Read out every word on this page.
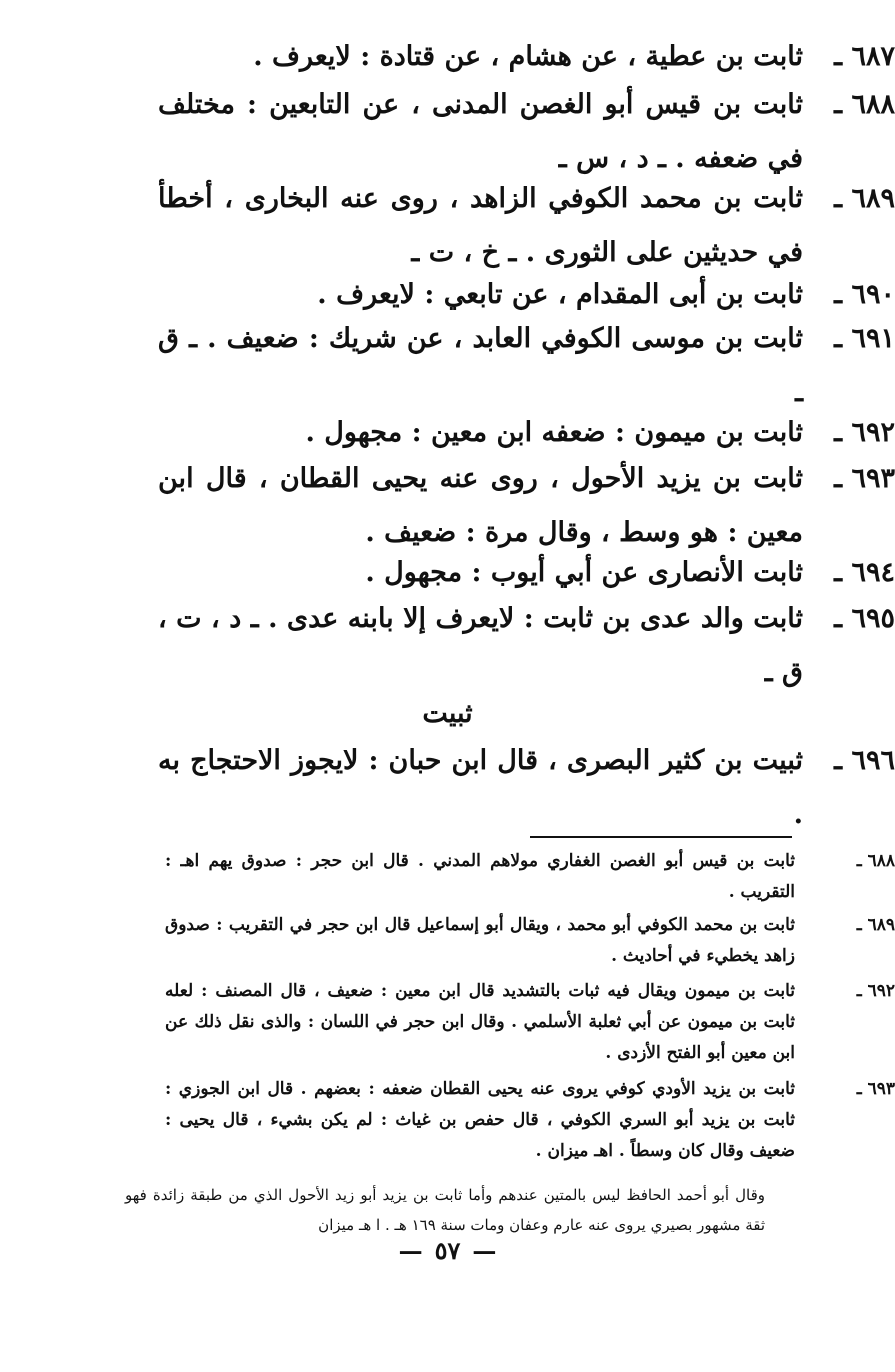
٦٨٧ ـ
ثابت بن عطية ، عن هشام ، عن قتادة : لايعرف .
٦٨٨ ـ
ثابت بن قيس أبو الغصن المدنى ، عن التابعين : مختلف في ضعفه . ـ د ، س ـ
٦٨٩ ـ
ثابت بن محمد الكوفي الزاهد ، روى عنه البخارى ، أخطأ في حديثين على الثورى . ـ خ ، ت ـ
٦٩٠ ـ
ثابت بن أبى المقدام ، عن تابعي : لايعرف .
٦٩١ ـ
ثابت بن موسى الكوفي العابد ، عن شريك : ضعيف . ـ ق ـ
٦٩٢ ـ
ثابت بن ميمون : ضعفه ابن معين : مجهول .
٦٩٣ ـ
ثابت بن يزيد الأحول ، روى عنه يحيى القطان ، قال ابن معين : هو وسط ، وقال مرة : ضعيف .
٦٩٤ ـ
ثابت الأنصارى عن أبي أيوب : مجهول .
٦٩٥ ـ
ثابت والد عدى بن ثابت : لايعرف إلا بابنه عدى . ـ د ، ت ، ق ـ
ثبيت
٦٩٦ ـ
ثبيت بن كثير البصرى ، قال ابن حبان : لايجوز الاحتجاج به .
٦٨٨ ـ
ثابت بن قيس أبو الغصن الغفاري مولاهم المدني . قال ابن حجر : صدوق يهم اهـ : التقريب .
٦٨٩ ـ
ثابت بن محمد الكوفي أبو محمد ، ويقال أبو إسماعيل قال ابن حجر في التقريب : صدوق زاهد يخطيء في أحاديث .
٦٩٢ ـ
ثابت بن ميمون ويقال فيه ثبات بالتشديد قال ابن معين : ضعيف ، قال المصنف : لعله ثابت بن ميمون عن أبي ثعلبة الأسلمي . وقال ابن حجر في اللسان : والذى نقل ذلك عن ابن معين أبو الفتح الأزدى .
٦٩٣ ـ
ثابت بن يزيد الأودي كوفي يروى عنه يحيى القطان ضعفه : بعضهم . قال ابن الجوزي : ثابت بن يزيد أبو السري الكوفي ، قال حفص بن غياث : لم يكن بشيء ، قال يحيى : ضعيف وقال كان وسطاً . اهـ ميزان .
وقال أبو أحمد الحافظ ليس بالمتين عندهم وأما ثابت بن يزيد أبو زيد الأحول الذي من طبقة زائدة فهو ثقة مشهور بصيري يروى عنه عارم وعفان ومات سنة ١٦٩ هـ . ا هـ ميزان
—٥٧—
